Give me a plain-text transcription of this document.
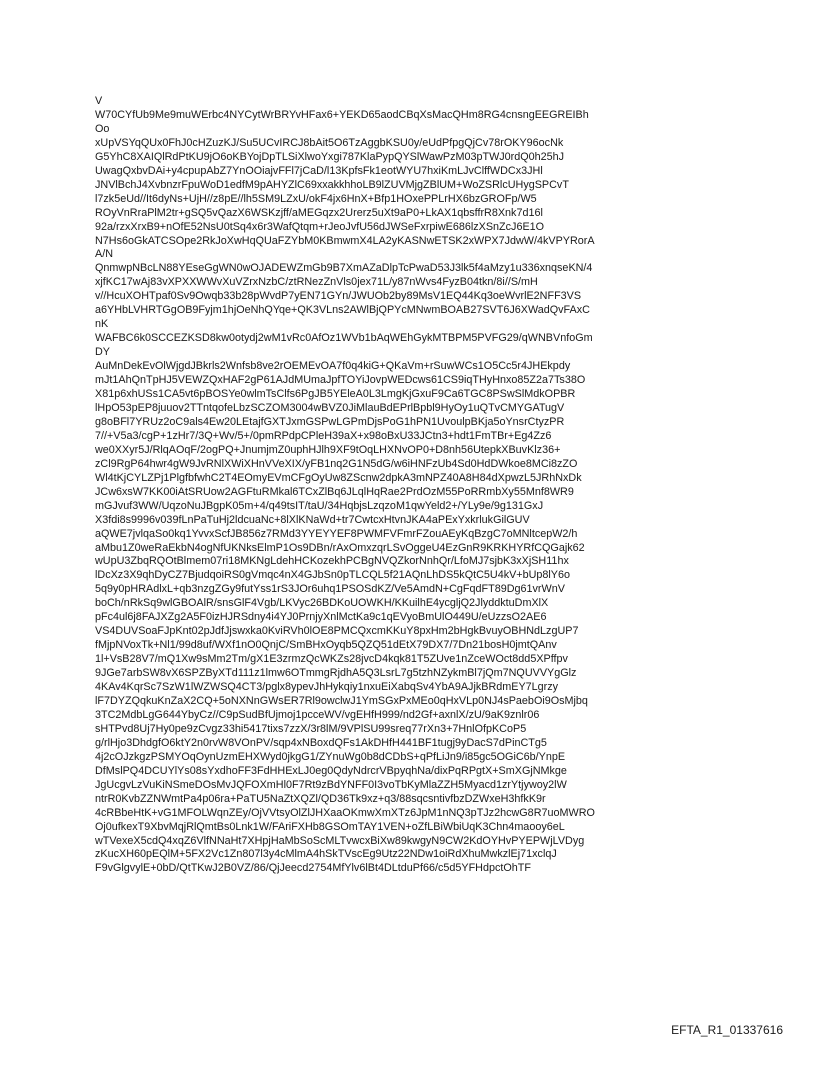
V
W70CYfUb9Me9muWErbc4NYCytWrBRYvHFax6+YEKD65aodCBqXsMacQHm8RG4cnsngEEGREIBh
Oo
xUpVSYqQUx0FhJ0cHZuzKJ/Su5UCvIRCJ8bAit5O6TzAggbKSU0y/eUdPfpgQjCv78rOKY96ocNk
G5YhC8XAIQlRdPtKU9jO6oKBYojDpTLSiXlwoYxgi787KlaPypQYSlWawPzM03pTWJ0rdQ0h25hJ
UwagQxbvDAi+y4cpupAbZ7YnOOiajvFFl7jCaD/l13KpfsFk1eotWYU7hxiKmLJvClffWDCx3JHl
JNVlBchJ4XvbnzrFpuWoD1edfM9pAHYZlC69xxakkhhoLB9lZUVMjgZBlUM+WoZSRlcUHygSPCvT
l7zk5eUd//It6dyNs+UjH//z8pE//lh5SM9LZxU/okF4jx6HnX+Bfp1HOxePPLrHX6bzGROFp/W5
ROyVnRraPlM2tr+gSQ5vQazX6WSKzjff/aMEGqzx2Urerz5uXt9aP0+LkAX1qbsffrR8Xnk7d16l
92a/rzxXrxB9+nOfE52NsU0tSq4x6r3WafQtqm+rJeoJvfU56dJWSeFxrpiwE686lzXSnZcJ6E1O
N7Hs6oGkATCSOpe2RkJoXwHqQUaFZYbM0KBmwmX4LA2yKASNwETSK2xWPX7JdwW/4kVPYRorA
A/N
QnmwpNBcLN88YEseGgWN0wOJADEWZmGb9B7XmAZaDlpTcPwaD53J3lk5f4aMzy1u336xnqseKN/4
xjfKC17wAj83vXPXXWWvXuVZrxNzbC/ztRNezZnVls0jex71L/y87nWvs4FyzB04tkn/8i//S/mH
v//HcuXOHTpaf0Sv9Owqb33b28pWvdP7yEN71GYn/JWUOb2by89MsV1EQ44Kq3oeWvrlE2NFF3VS
a6YHbLVHRTGgOB9Fyjm1hjOeNhQYqe+QK3VLns2AWlBjQPYcMNwmBOAB27SVT6J6XWadQvFAxC
nK
WAFBC6k0SCCEZKSD8kw0otydj2wM1vRc0AfOz1WVb1bAqWEhGykMTBPM5PVFG29/qWNBVnfoGm
DY
AuMnDekEvOlWjgdJBkrls2Wnfsb8ve2rOEMEvOA7f0q4kiG+QKaVm+rSuwWCs1O5Cc5r4JHEkpdy
mJt1AhQnTpHJ5VEWZQxHAF2gP61AJdMUmaJpfTOYiJovpWEDcws61CS9iqTHyHnxo85Z2a7Ts38O
X81p6xhUSs1CA5vt6pBOSYe0wlmTsClfs6PgJB5YEleA0L3LmgKjGxuF9Ca6TGC8PSwSlMdkOPBR
lHpO53pEP8juuov2TTntqofeLbzSCZOM3004wBVZ0JiMlauBdEPrlBpbl9HyOy1uQTvCMYGATugV
g8oBFl7YRUz2oC9als4Ew20LEtajfGXTJxmGSPwLGPmDjsPoG1hPN1UvoulpBKja5oYnsrCtyzPR
7//+V5a3/cgP+1zHr7/3Q+Wv/5+/0pmRPdpCPleH39aX+x98oBxU33JCtn3+hdt1FmTBr+Eg4Zz6
we0XXyr5J/RlqAOqF/2ogPQ+JnumjmZ0uphHJlh9XF9tOqLHXNvOP0+D8nh56UtepkXBuvKlz36+
zCl9RgP64hwr4gW9JvRNlXWiXHnVVeXIX/yFB1nq2G1N5dG/w6iHNFzUb4Sd0HdDWkoe8MCi8zZO
Wl4tKjCYLZPj1PlgfbfwhC2T4EOmyEVmCFgOyUw8ZScnw2dpkA3mNPZ40A8H84dXpwzL5JRhNxDk
JCw6xsW7KK00iAtSRUow2AGFtuRMkal6TCxZlBq6JLqlHqRae2PrdOzM55PoRRmbXy55Mnf8WR9
mGJvuf3WW/UqzoNuJBgpK05m+4/q49tsIT/taU/34HqbjsLzqzoM1qwYeld2+/YLy9e/9g131GxJ
X3fdi8s9996v039fLnPaTuHj2ldcuaNc+8lXlKNaWd+tr7CwtcxHtvnJKA4aPExYxkrlukGilGUV
aQWE7jvlqaSo0kq1YvvxScfJB856z7RMd3YYEYYEF8PWMFVFmrFZouAEyKqBzgC7oMNltcepW2/h
aMbu1Z0weRaEkbN4ogNfUKNksElmP1Os9DBn/rAxOmxzqrLSvOggeU4EzGnR9KRKHYRfCQGajk62
wUpU3ZbqRQOtBlmem07ri18MKNgLdehHCKozekhPCBgNVQZkorNnhQr/LfoMJ7sjbK3xXjSH11hx
lDcXz3X9qhDyCZ7BjudqoiRS0gVmqc4nX4GJbSn0pTLCQL5f21AQnLhDS5kQtC5U4kV+bUp8lY6o
5q9y0pHRAdlxL+qb3nzgZGy9futYss1rS3JOr6uhq1PSOSdKZ/Ve5AmdN+CgFqdFT89Dg61vrWnV
boCh/nRkSq9wlGBOAlR/snsGlF4Vgb/LKVyc26BDKoUOWKH/KKuilhE4ycgljQ2JlyddktuDmXlX
pFc4ul6j8FAJXZg2A5F0izHJRSdny4i4YJ0PrnjyXnlMctKa9c1qEVyoBmUlO449U/eUzzsO2AE6
VS4DUVSoaFJpKnt02pJdfJjswxka0KviRVh0lOE8PMCQxcmKKuY8pxHm2bHgkBvuyOBHNdLzgUP7
fMjpNVoxTk+Nl1/99d8uf/WXf1nO0QnjC/SmBHxOyqb5QZQ51dEtX79DX7/7Dn21bosH0jmtQAnv
1l+VsB28V7/mQ1Xw9sMm2Tm/gX1E3zrmzQcWKZs28jvcD4kqk81T5ZUve1nZceWOct8dd5XPffpv
9JGe7arbSW8vX6SPZByXTd111z1lmw6OTmmgRjdhA5Q3LsrL7g5tzhNZykmBl7jQm7NQUVVYgGlz
4KAv4KqrSc7SzW1lWZWSQ4CT3/pglx8ypevJhHykqiy1nxuEiXabqSv4YbA9AJjkBRdmEY7Lgrzy
lF7DYZQqkuKnZaX2CQ+5oNXNnGWsER7Rl9owclwJ1YmSGxPxMEo0qHxVLp0NJ4sPaebOi9OsMjbq
3TC2MdbLgG644YbyCz//C9pSudBfUjmoj1pcceWV/vgEHfH999/nd2Gf+axnlX/zU/9aK9znlr06
sHTPvd8Uj7Hy0pe9zCvgz33hi5417tixs7zzX/3r8lM/9VPlSU99sreq77rXn3+7HnlOfpKCoP5
g/rlHjo3DhdgfO6ktY2n0rvW8VOnPV/sqp4xNBoxdQFs1AkDHfH441BF1tugj9yDacS7dPinCTg5
4j2cOJzkgzPSMYOqOynUzmEHXWyd0jkgG1/ZYnuWg0b8dCDbS+qPfLiJn9/i85gc5OGiC6b/YnpE
DfMslPQ4DCUYlYs08sYxdhoFF3FdHHExLJ0eg0QdyNdrcrVBpyqhNa/dixPqRPgtX+SmXGjNMkge
JgUcgvLzVuKiNSmeDOsMvJQFOXmHl0F7Rt9zBdYNFF0I3voTbKyMlaZZH5Myacd1zrYtjywoy2lW
ntrR0KvbZZNWmtPa4p06ra+PaTU5NaZtXQZl/QD36Tk9xz+q3/88sqcsntivfbzDZWxeH3hfkK9r
4cRBbeHtK+vG1MFOLWqnZEy/OjVVtsyOlZlJHXaaOKmwXmXTz6JpM1nNQ3pTJz2hcwG8R7uoMWRO
Oj0ufkexT9XbvMqjRlQmtBs0Lnk1W/FAriFXHb8GSOmTAY1VEN+oZfLBiWbiUqK3Chn4maooy6eL
wTVexeX5cdQ4xqZ6VlfNNaHt7XHpjHaMbSoScMLTvwcxBiXw89kwgyN9CW2KdOYHvPYEPWjLVDyg
zKucXH60pEQlM+5FX2Vc1Zn807l3y4cMlmA4hSkTVscEg9Utz22NDw1oiRdXhuMwkzlEj71xclqJ
F9vGlgvylE+0bD/QtTKwJ2B0VZ/86/QjJeecd2754MfYlv6lBt4DLtduPf66/c5d5YFHdpctOhTF
EFTA_R1_01337616
